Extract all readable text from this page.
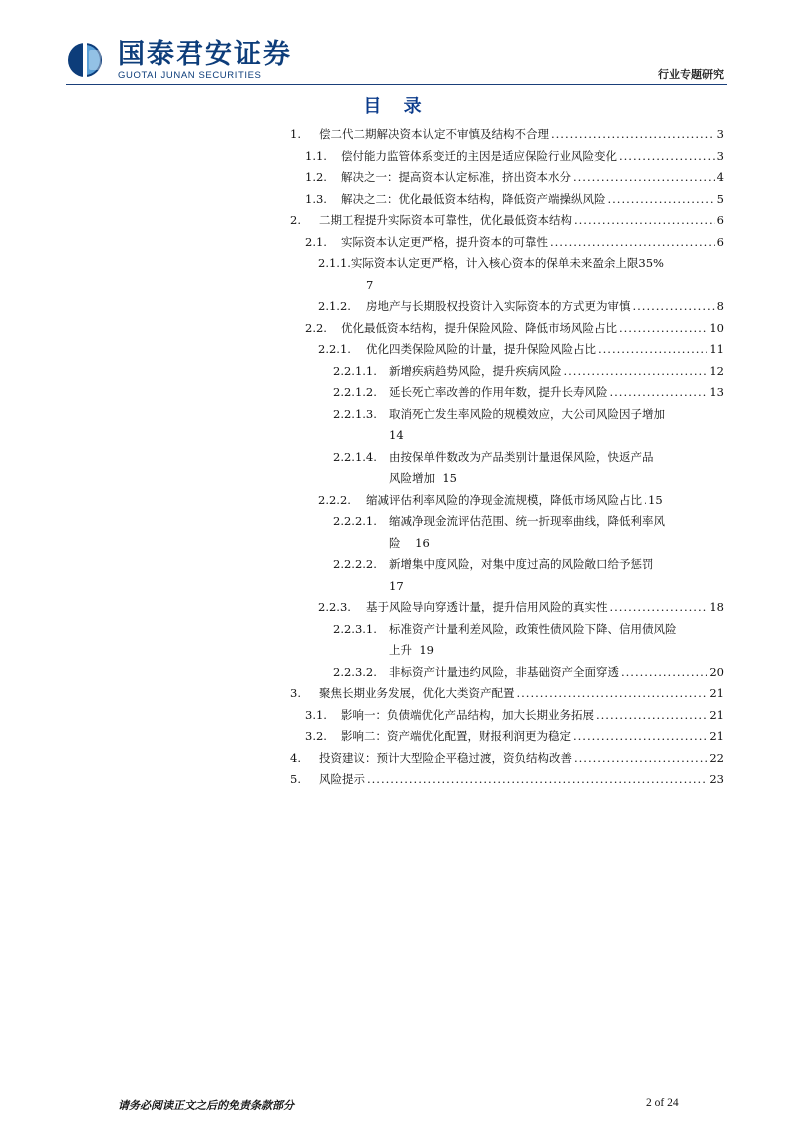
国泰君安证券
GUOTAI JUNAN SECURITIES	行业专题研究
目 录
1.	偿二代二期解决资本认定不审慎及结构不合理 .....	3
1.1.	偿付能力监管体系变迁的主因是适应保险行业风险变化 .....	3
1.2.	解决之一：提高资本认定标准，挤出资本水分 .....	4
1.3.	解决之二：优化最低资本结构，降低资产端操纵风险 .....	5
2.	二期工程提升实际资本可靠性，优化最低资本结构 .....	6
2.1.	实际资本认定更严格，提升资本的可靠性 .....	6
2.1.1.实际资本认定更严格，计入核心资本的保单未来盈余上限35%
7
2.1.2.	房地产与长期股权投资计入实际资本的方式更为审慎 .....	8
2.2.	优化最低资本结构，提升保险风险、降低市场风险占比 .....	10
2.2.1.	优化四类保险风险的计量，提升保险风险占比 .....	11
2.2.1.1.	新增疾病趋势风险，提升疾病风险 .....	12
2.2.1.2.	延长死亡率改善的作用年数，提升长寿风险 .....	13
2.2.1.3. 取消死亡发生率风险的规模效应，大公司风险因子增加
14
2.2.1.4. 由按保单件数改为产品类别计量退保风险，快返产品
风险增加 15
2.2.2.	缩减评估利率风险的净现金流规模，降低市场风险占比 ..... 15
2.2.2.1. 缩减净现金流评估范围、统一折现率曲线，降低利率风
险 16
2.2.2.2. 新增集中度风险，对集中度过高的风险敞口给予惩罚
17
2.2.3.	基于风险导向穿透计量，提升信用风险的真实性 .....	18
2.2.3.1. 标准资产计量利差风险，政策性债风险下降、信用债风险
上升 19
2.2.3.2.	非标资产计量违约风险，非基础资产全面穿透 .....	20
3.	聚焦长期业务发展，优化大类资产配置 .....	21
3.1.	影响一：负债端优化产品结构，加大长期业务拓展 .....	21
3.2.	影响二：资产端优化配置，财报利润更为稳定 .....	21
4.	投资建议：预计大型险企平稳过渡，资负结构改善 .....	22
5.	风险提示 .....	23
请务必阅读正文之后的免责条款部分	2 of 24
